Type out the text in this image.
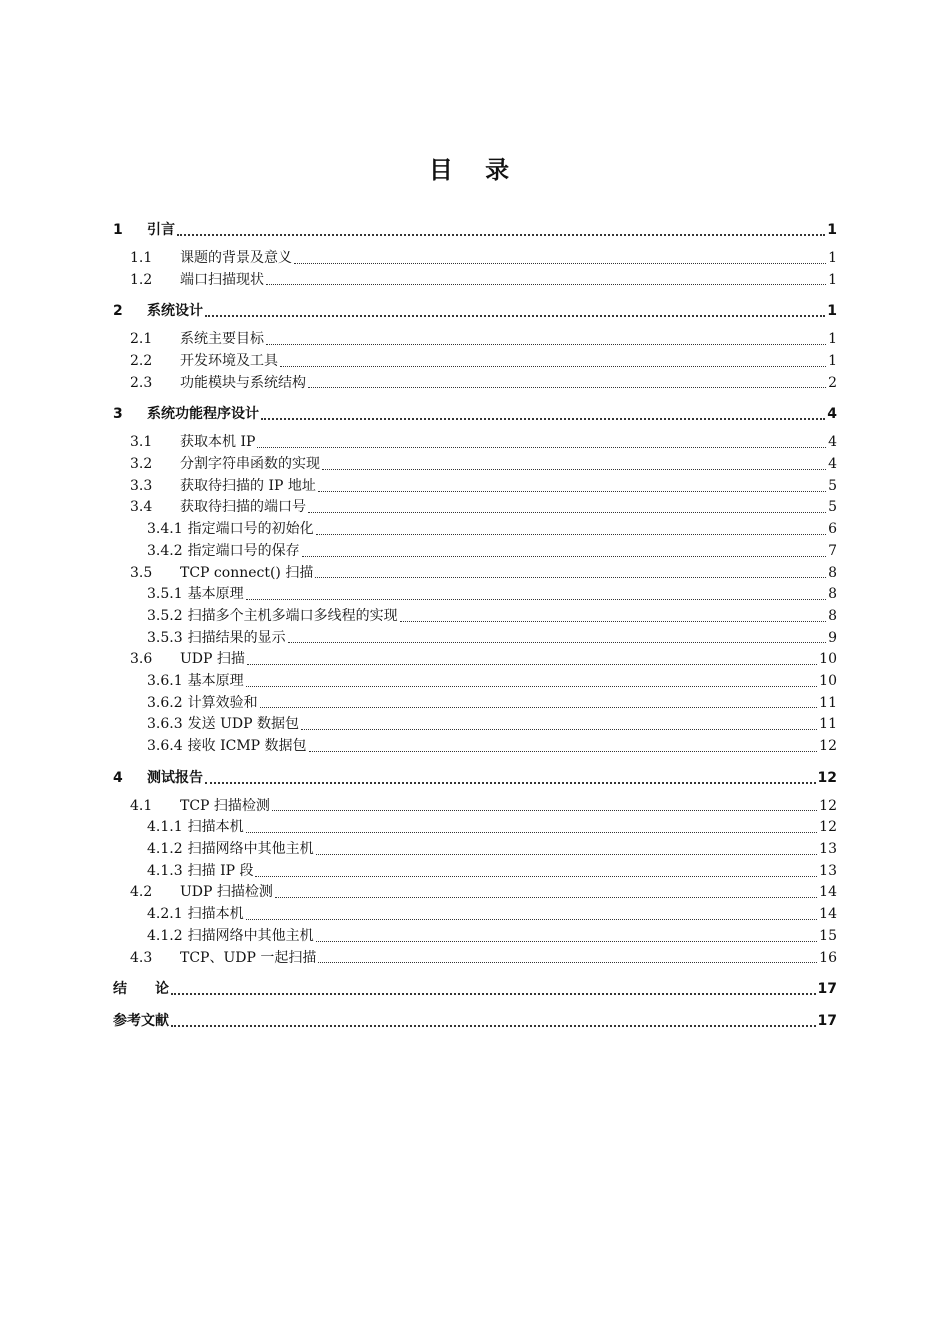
目 录
1	引言	1
1.1	课题的背景及意义	1
1.2	端口扫描现状	1
2	系统设计	1
2.1	系统主要目标	1
2.2	开发环境及工具	1
2.3	功能模块与系统结构	2
3	系统功能程序设计	4
3.1	获取本机 IP	4
3.2	分割字符串函数的实现	4
3.3	获取待扫描的 IP 地址	5
3.4	获取待扫描的端口号	5
3.4.1 指定端口号的初始化	6
3.4.2 指定端口号的保存	7
3.5	TCP connect() 扫描	8
3.5.1 基本原理	8
3.5.2 扫描多个主机多端口多线程的实现	8
3.5.3 扫描结果的显示	9
3.6	UDP 扫描	10
3.6.1 基本原理	10
3.6.2 计算效验和	11
3.6.3 发送 UDP 数据包	11
3.6.4 接收 ICMP 数据包	12
4	测试报告	12
4.1	TCP 扫描检测	12
4.1.1 扫描本机	12
4.1.2 扫描网络中其他主机	13
4.1.3 扫描 IP 段	13
4.2	UDP 扫描检测	14
4.2.1 扫描本机	14
4.1.2 扫描网络中其他主机	15
4.3	TCP、UDP 一起扫描	16
结　　论	17
参考文献	17
